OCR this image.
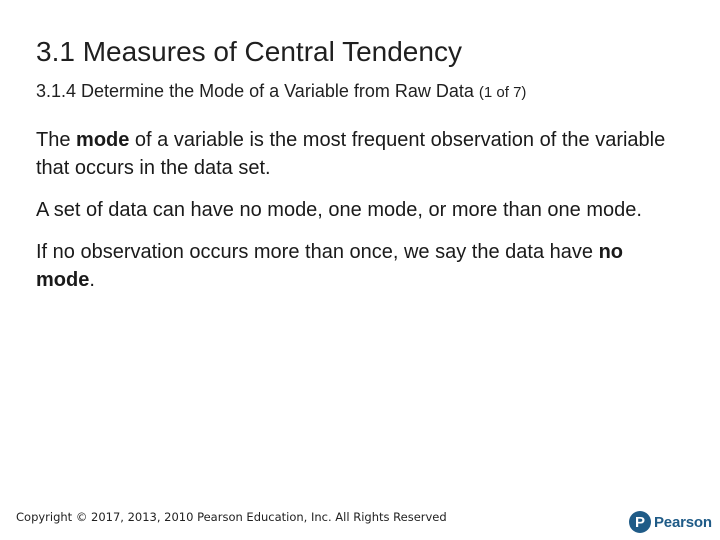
3.1 Measures of Central Tendency
3.1.4 Determine the Mode of a Variable from Raw Data (1 of 7)

The mode of a variable is the most frequent observation of the variable that occurs in the data set.

A set of data can have no mode, one mode, or more than one mode.

If no observation occurs more than once, we say the data have no mode.

Copyright © 2017, 2013, 2010 Pearson Education, Inc. All Rights Reserved	P Pearson
